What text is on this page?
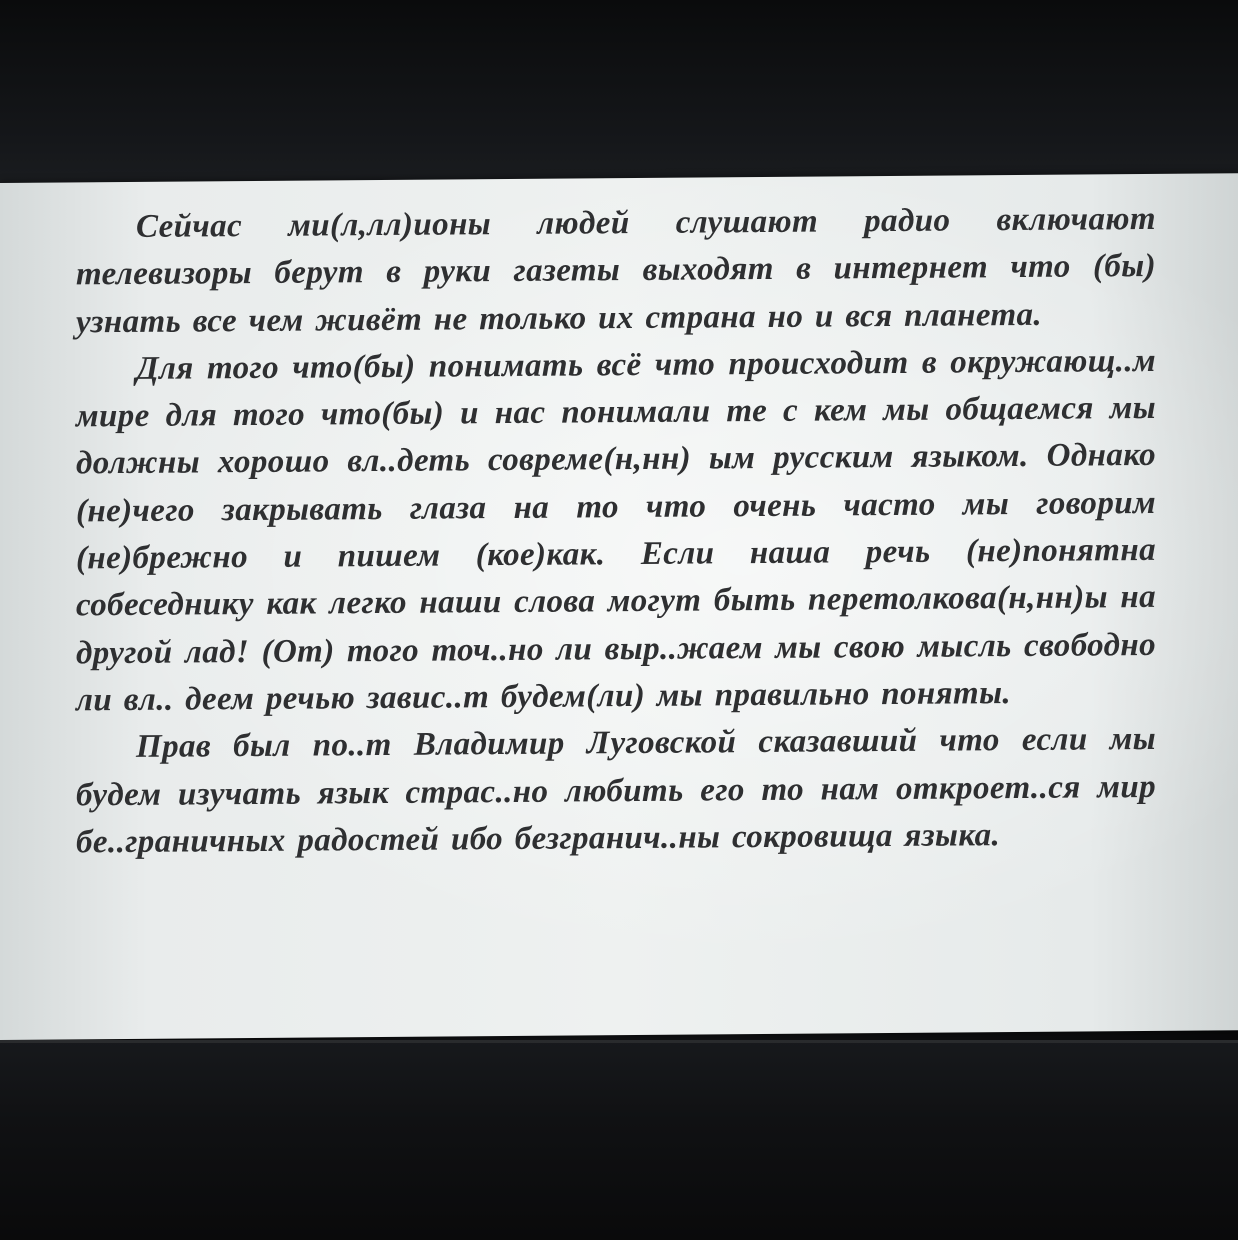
Сейчас ми(л,лл)ионы людей слушают радио включают телевизоры берут в руки газеты выходят в интернет что (бы) узнать все чем живёт не только их страна но и вся планета.

Для того что(бы) понимать всё что происходит в окружающ..м мире для того что(бы) и нас понимали те с кем мы общаемся мы должны хорошо вл..деть совреме(н,нн) ым русским языком. Однако (не)чего закрывать глаза на то что очень часто мы говорим (не)брежно и пишем (кое)как. Если наша речь (не)понятна собеседнику как легко наши слова могут быть перетолкова(н,нн)ы на другой лад! (От) того точ..но ли выр..жаем мы свою мысль свободно ли вл.. деем речью завис..т будем(ли) мы правильно поняты.

Прав был по..т Владимир Луговской сказавший что если мы будем изучать язык страс..но любить его то нам откроет..ся мир бе..граничных радостей ибо безгранич..ны сокровища языка.
